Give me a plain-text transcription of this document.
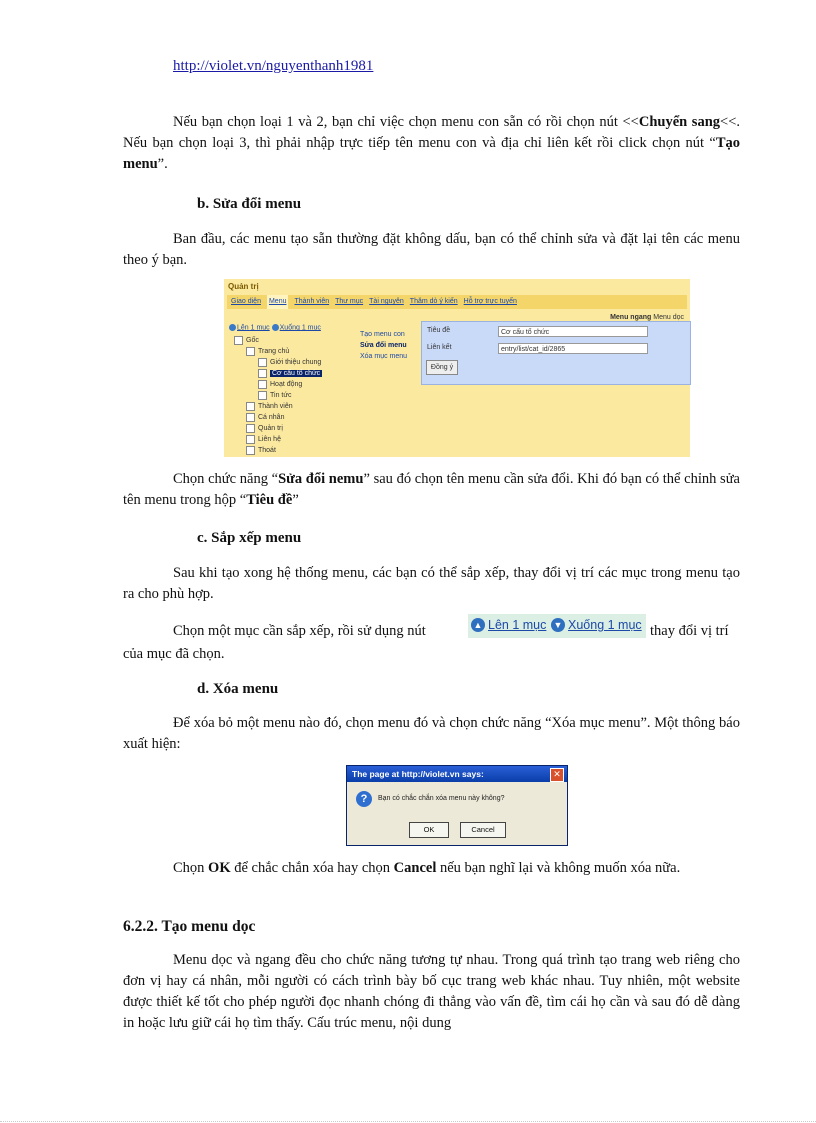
http://violet.vn/nguyenthanh1981
Nếu bạn chọn loại 1 và 2, bạn chỉ việc chọn menu con sẵn có rồi chọn nút <<Chuyển sang<<. Nếu bạn chọn loại 3, thì phải nhập trực tiếp tên menu con và địa chỉ liên kết rồi click chọn nút “Tạo menu”.
b. Sửa đổi menu
Ban đầu, các menu tạo sẵn thường đặt không dấu, bạn có thể chỉnh sửa và đặt lại tên các menu theo ý bạn.
Quản trị
Giao diện Menu Thành viên Thư mục Tài nguyên Thăm dò ý kiến Hỗ trợ trực tuyến
Menu ngang Menu dọc
Lên 1 mục Xuống 1 mục
Gốc
Trang chủ
Giới thiệu chung
Cơ cấu tổ chức
Hoạt động
Tin tức
Thành viên
Cá nhân
Quản trị
Liên hệ
Thoát
Tạo menu con
Sửa đổi menu
Xóa mục menu
Tiêu đề	Cơ cấu tổ chức
Liên kết	entry/list/cat_id/2865
Đồng ý
Chọn chức năng “Sửa đổi nemu” sau đó chọn tên menu cần sửa đổi. Khi đó bạn có thể chỉnh sửa tên menu trong hộp “Tiêu đề”
c. Sắp xếp menu
Sau khi tạo xong hệ thống menu, các bạn có thể sắp xếp, thay đổi vị trí các mục trong menu tạo ra cho phù hợp.
Chọn một mục cần sắp xếp, rồi sử dụng nút	▲ Lên 1 mục ▼ Xuống 1 mục thay đổi vị trí
của mục đã chọn.
d. Xóa menu
Để xóa bỏ một menu nào đó, chọn menu đó và chọn chức năng “Xóa mục menu”. Một thông báo xuất hiện:
The page at http://violet.vn says:	✕
?	Bạn có chắc chắn xóa menu này không?
OK	Cancel
Chọn OK để chắc chắn xóa hay chọn Cancel nếu bạn nghĩ lại và không muốn xóa nữa.
6.2.2. Tạo menu dọc
Menu dọc và ngang đều cho chức năng tương tự nhau. Trong quá trình tạo trang web riêng cho đơn vị hay cá nhân, mỗi người có cách trình bày bố cục trang web khác nhau. Tuy nhiên, một website được thiết kế tốt cho phép người đọc nhanh chóng đi thẳng vào vấn đề, tìm cái họ cần và sau đó dễ dàng in hoặc lưu giữ cái họ tìm thấy. Cấu trúc menu, nội dung
